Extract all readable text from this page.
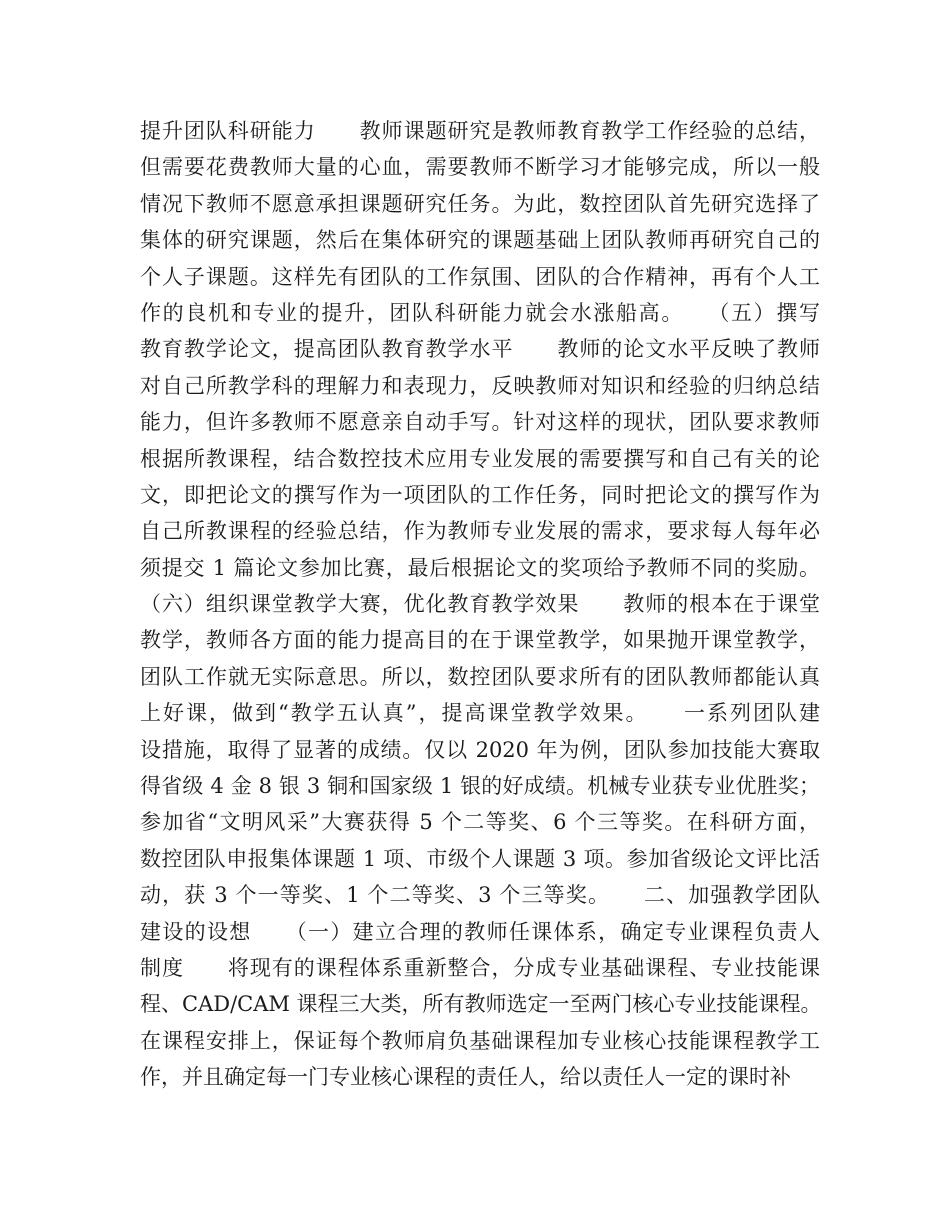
提升团队科研能力　　教师课题研究是教师教育教学工作经验的总结，
但需要花费教师大量的心血，需要教师不断学习才能够完成，所以一般
情况下教师不愿意承担课题研究任务。为此，数控团队首先研究选择了
集体的研究课题，然后在集体研究的课题基础上团队教师再研究自己的
个人子课题。这样先有团队的工作氛围、团队的合作精神，再有个人工
作的良机和专业的提升，团队科研能力就会水涨船高。　　（五）撰写
教育教学论文，提高团队教育教学水平　　教师的论文水平反映了教师
对自己所教学科的理解力和表现力，反映教师对知识和经验的归纳总结
能力，但许多教师不愿意亲自动手写。针对这样的现状，团队要求教师
根据所教课程，结合数控技术应用专业发展的需要撰写和自己有关的论
文，即把论文的撰写作为一项团队的工作任务，同时把论文的撰写作为
自己所教课程的经验总结，作为教师专业发展的需求，要求每人每年必
须提交 1 篇论文参加比赛，最后根据论文的奖项给予教师不同的奖励。
（六）组织课堂教学大赛，优化教育教学效果　　教师的根本在于课堂
教学，教师各方面的能力提高目的在于课堂教学，如果抛开课堂教学，
团队工作就无实际意思。所以，数控团队要求所有的团队教师都能认真
上好课，做到“教学五认真”，提高课堂教学效果。　　一系列团队建
设措施，取得了显著的成绩。仅以 2020 年为例，团队参加技能大赛取
得省级 4 金 8 银 3 铜和国家级 1 银的好成绩。机械专业获专业优胜奖；
参加省“文明风采”大赛获得 5 个二等奖、6 个三等奖。在科研方面，
数控团队申报集体课题 1 项、市级个人课题 3 项。参加省级论文评比活
动，获 3 个一等奖、1 个二等奖、3 个三等奖。　　二、加强教学团队
建设的设想　　（一）建立合理的教师任课体系，确定专业课程负责人
制度　　将现有的课程体系重新整合，分成专业基础课程、专业技能课
程、CAD/CAM 课程三大类，所有教师选定一至两门核心专业技能课程。
在课程安排上，保证每个教师肩负基础课程加专业核心技能课程教学工
作，并且确定每一门专业核心课程的责任人，给以责任人一定的课时补
